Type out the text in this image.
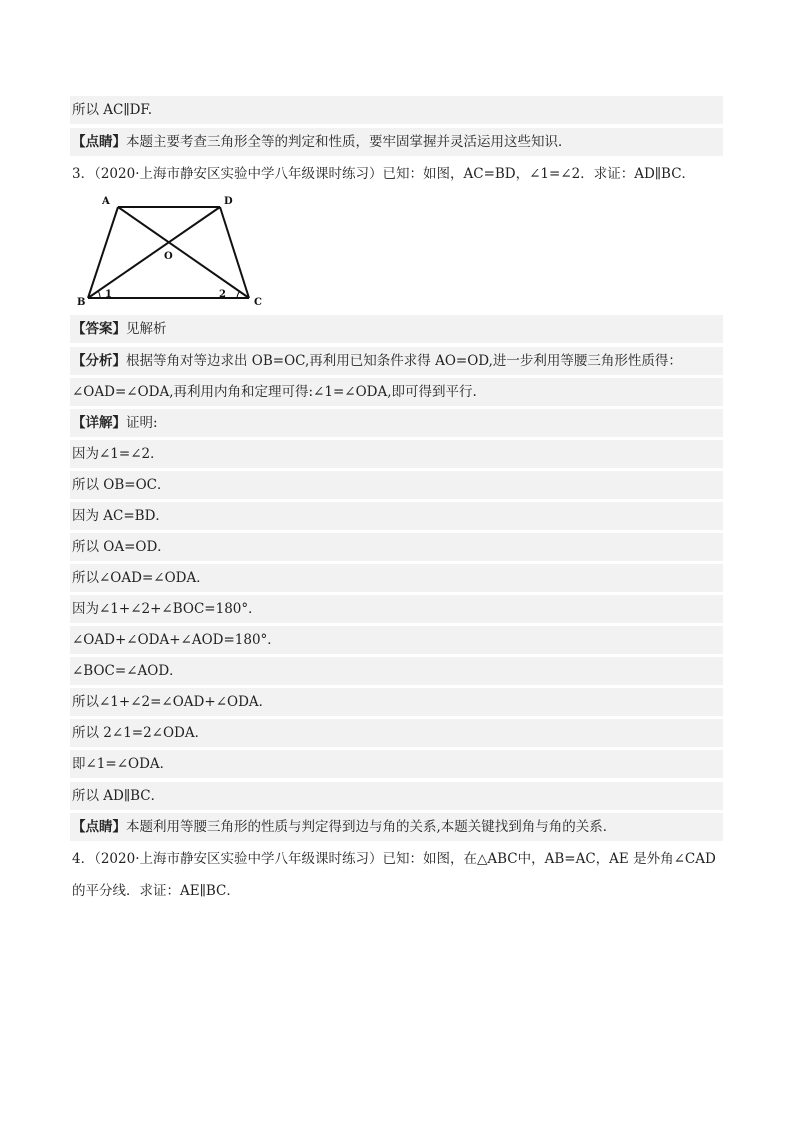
所以 AC∥DF.
【点睛】本题主要考查三角形全等的判定和性质，要牢固掌握并灵活运用这些知识．
3．（2020·上海市静安区实验中学八年级课时练习）已知：如图，AC=BD，∠1=∠2．求证：AD∥BC．
A	D
O
B	C
1	2
【答案】见解析
【分析】根据等角对等边求出 OB=OC,再利用已知条件求得 AO=OD,进一步利用等腰三角形性质得：
∠OAD=∠ODA,再利用内角和定理可得:∠1=∠ODA,即可得到平行.
【详解】证明:
因为∠1=∠2．
所以 OB=OC．
因为 AC=BD．
所以 OA=OD．
所以∠OAD=∠ODA．
因为∠1+∠2+∠BOC=180°．
∠OAD+∠ODA+∠AOD=180°．
∠BOC=∠AOD．
所以∠1+∠2=∠OAD+∠ODA．
所以 2∠1=2∠ODA．
即∠1=∠ODA．
所以 AD∥BC．
【点睛】本题利用等腰三角形的性质与判定得到边与角的关系,本题关键找到角与角的关系．
4．（2020·上海市静安区实验中学八年级课时练习）已知：如图，在△ABC中，AB=AC，AE 是外角∠CAD
的平分线．求证：AE∥BC．
